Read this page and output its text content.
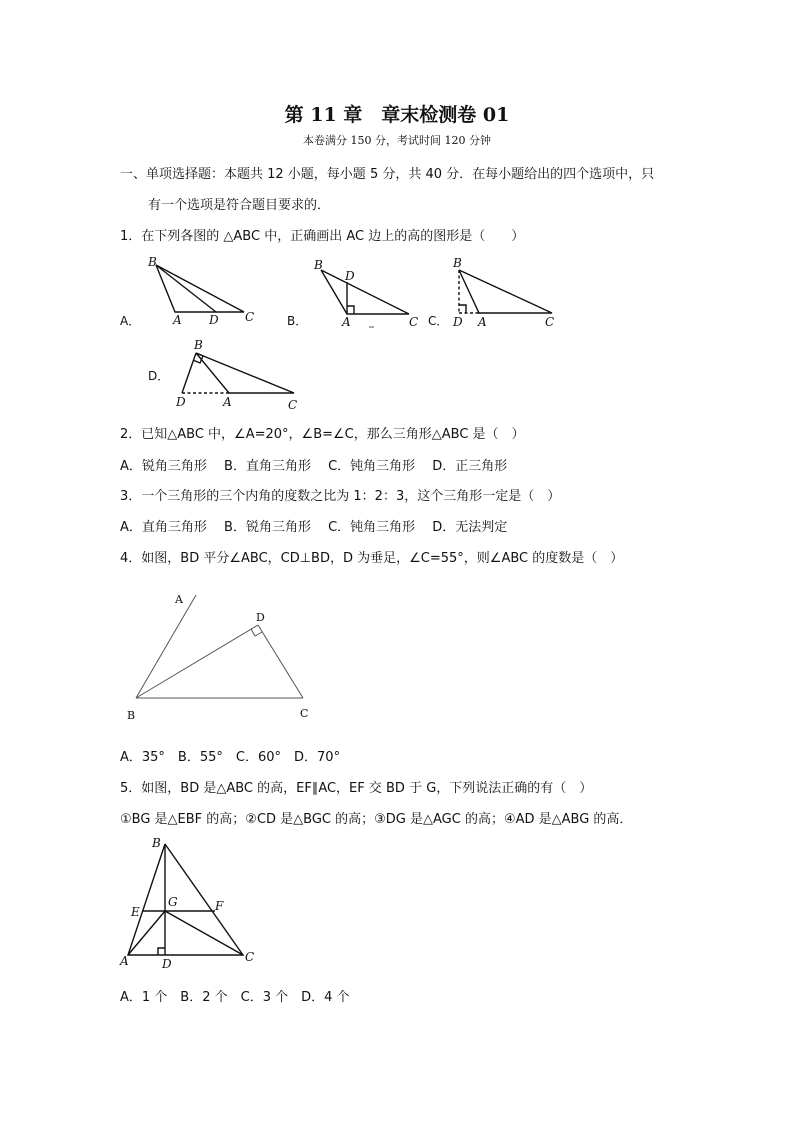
第 11 章　章末检测卷 01
本卷满分 150 分，考试时间 120 分钟
一、单项选择题：本题共 12 小题，每小题 5 分，共 40 分．在每小题给出的四个选项中，只
有一个选项是符合题目要求的．
1．在下列各图的 △ABC 中，正确画出 AC 边上的高的图形是（　　）
A．
B
A D C	B．
B
D
A	C C．
B
D A	C
D．
B
D	A	C
2．已知△ABC 中，∠A=20°，∠B=∠C，那么三角形△ABC 是（　）
A．锐角三角形　 B．直角三角形　 C．钝角三角形　 D．正三角形
3．一个三角形的三个内角的度数之比为 1：2：3，这个三角形一定是（　）
A．直角三角形　 B．锐角三角形　 C．钝角三角形　 D．无法判定
4．如图，BD 平分∠ABC，CD⊥BD，D 为垂足，∠C=55°，则∠ABC 的度数是（　）
A
D
B	C
A．35°　B．55°　C．60°　D．70°
5．如图，BD 是△ABC 的高，EF∥AC，EF 交 BD 于 G，下列说法正确的有（　）
①BG 是△EBF 的高；②CD 是△BGC 的高；③DG 是△AGC 的高；④AD 是△ABG 的高．
B
E
G	F
A	D	C
A．1 个　B．2 个　C．3 个　D．4 个
